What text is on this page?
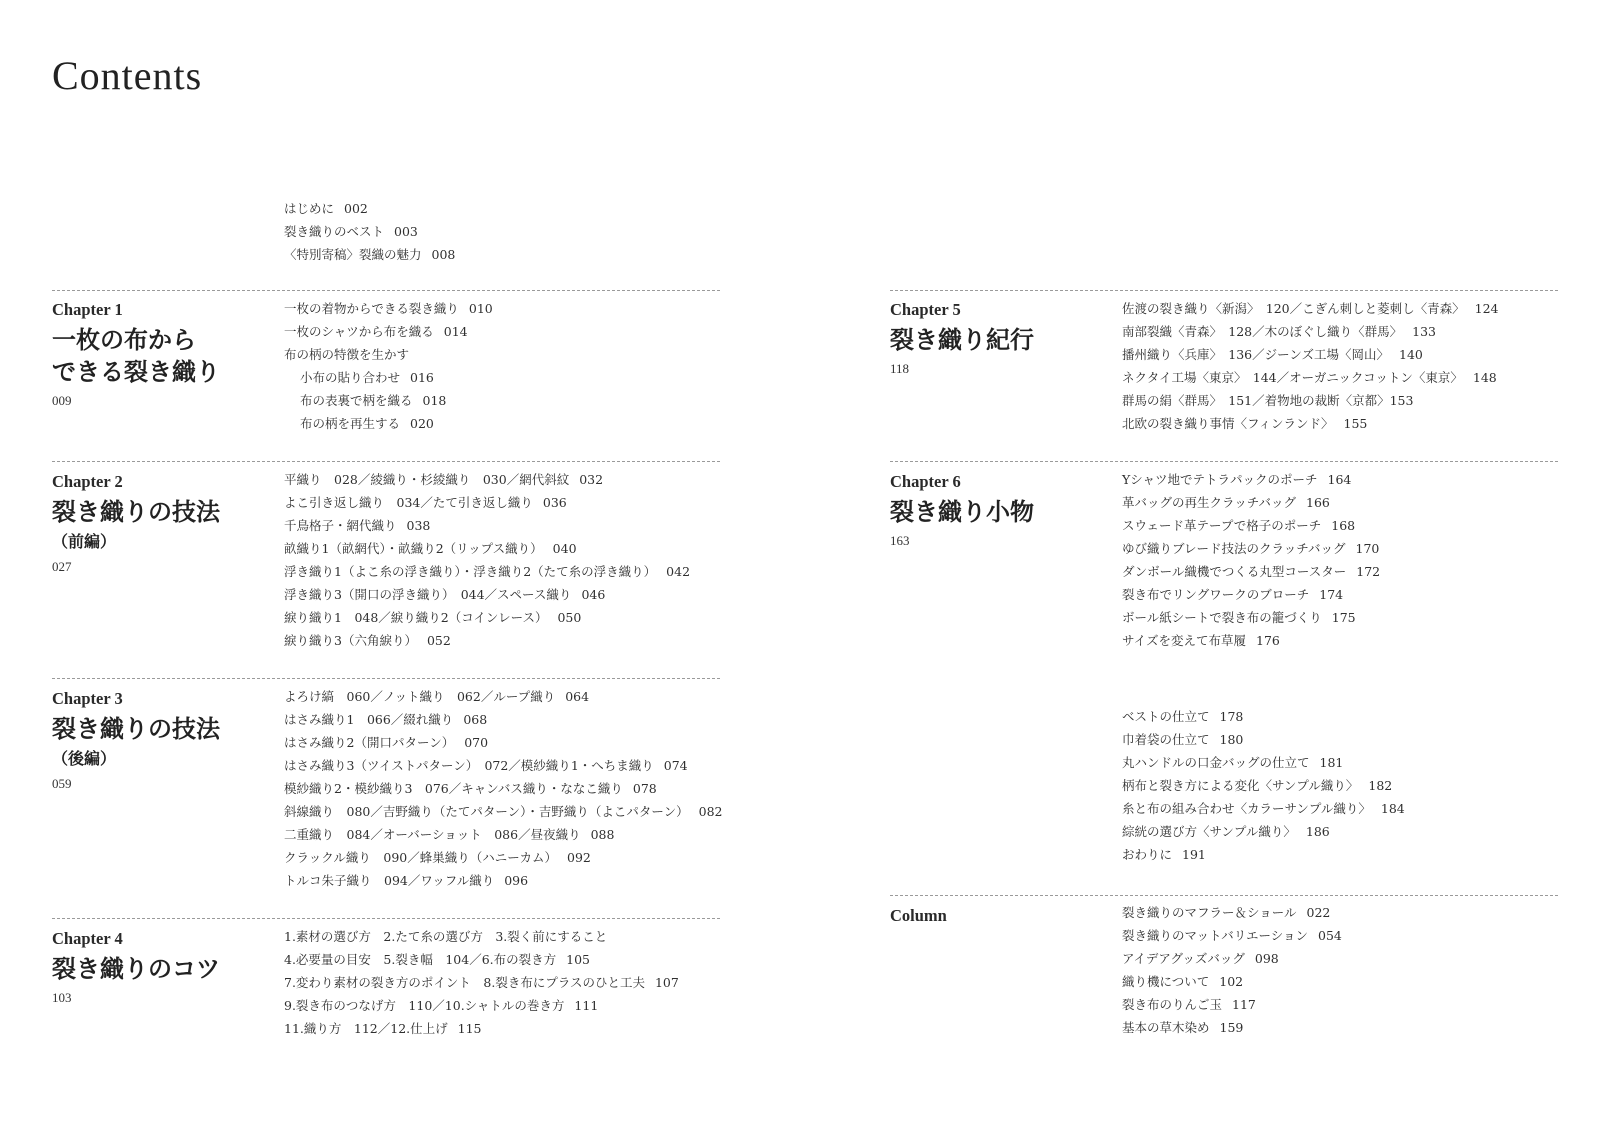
Contents
はじめに 002
裂き織りのベスト 003
〈特別寄稿〉裂織の魅力 008
Chapter 1
一枚の布から
できる裂き織り
009
一枚の着物からできる裂き織り 010
一枚のシャツから布を織る 014
布の柄の特徴を生かす
小布の貼り合わせ 016
布の表裏で柄を織る 018
布の柄を再生する 020
Chapter 2
裂き織りの技法
（前編）
027
平織り　028／綾織り・杉綾織り　030／網代斜紋 032
よこ引き返し織り　034／たて引き返し織り 036
千鳥格子・網代織り 038
畝織り1（畝網代）・畝織り2（リップス織り） 040
浮き織り1（よこ糸の浮き織り）・浮き織り2（たて糸の浮き織り） 042
浮き織り3（開口の浮き織り）　044／スペース織り 046
綟り織り1　048／綟り織り2（コインレース） 050
綟り織り3（六角綟り） 052
Chapter 3
裂き織りの技法
（後編）
059
よろけ縞　060／ノット織り　062／ループ織り 064
はさみ織り1　066／綴れ織り 068
はさみ織り2（開口パターン） 070
はさみ織り3（ツイストパターン）　072／模紗織り1・へちま織り 074
模紗織り2・模紗織り3　076／キャンバス織り・ななこ織り 078
斜線織り　080／吉野織り（たてパターン）・吉野織り（よこパターン） 082
二重織り　084／オーバーショット　086／昼夜織り 088
クラックル織り　090／蜂巣織り（ハニーカム） 092
トルコ朱子織り　094／ワッフル織り 096
Chapter 4
裂き織りのコツ
103
1.素材の選び方　2.たて糸の選び方　3.裂く前にすること
4.必要量の目安　5.裂き幅　104／6.布の裂き方 105
7.変わり素材の裂き方のポイント　8.裂き布にプラスのひと工夫 107
9.裂き布のつなげ方　110／10.シャトルの巻き方 111
11.織り方　112／12.仕上げ 115
Chapter 5
裂き織り紀行
118
佐渡の裂き織り〈新潟〉　120／こぎん刺しと菱刺し〈青森〉 124
南部裂織〈青森〉　128／木のぼぐし織り〈群馬〉 133
播州織り〈兵庫〉　136／ジーンズ工場〈岡山〉 140
ネクタイ工場〈東京〉　144／オーガニックコットン〈東京〉 148
群馬の絹〈群馬〉　151／着物地の裁断〈京都〉153
北欧の裂き織り事情〈フィンランド〉 155
Chapter 6
裂き織り小物
163
Yシャツ地でテトラパックのポーチ 164
革バッグの再生クラッチバッグ 166
スウェード革テープで格子のポーチ 168
ゆび織りブレード技法のクラッチバッグ 170
ダンボール織機でつくる丸型コースター 172
裂き布でリングワークのブローチ 174
ボール紙シートで裂き布の籠づくり 175
サイズを変えて布草履 176
ベストの仕立て 178
巾着袋の仕立て 180
丸ハンドルの口金バッグの仕立て 181
柄布と裂き方による変化〈サンプル織り〉 182
糸と布の組み合わせ〈カラーサンプル織り〉 184
綜絖の選び方〈サンプル織り〉 186
おわりに 191
Column	裂き織りのマフラー＆ショール 022
裂き織りのマットバリエーション 054
アイデアグッズバッグ 098
織り機について 102
裂き布のりんご玉 117
基本の草木染め 159
